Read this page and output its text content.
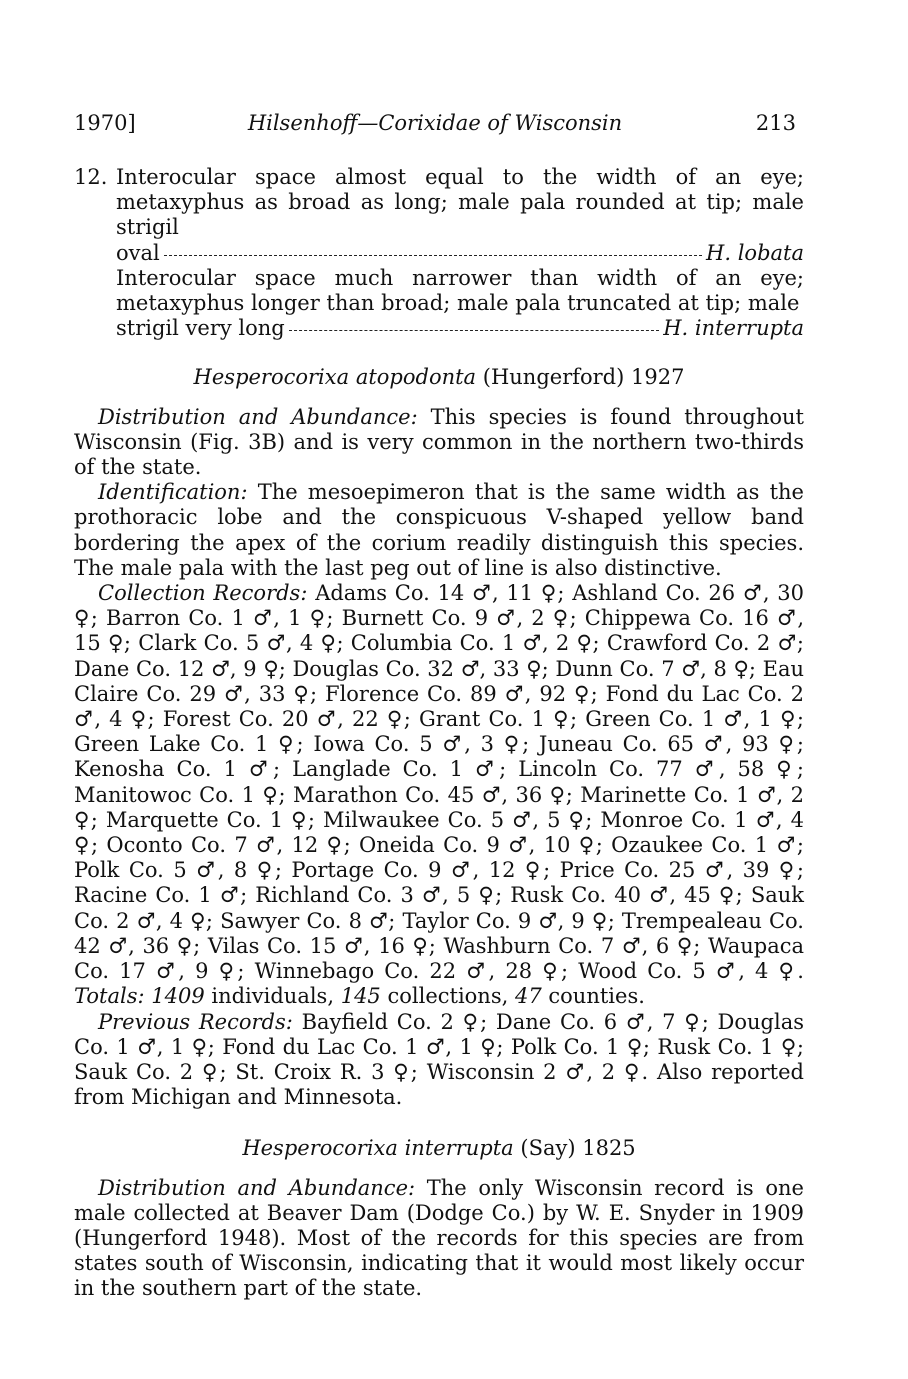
1970]	Hilsenhoff—Corixidae of Wisconsin	213
12. Interocular space almost equal to the width of an eye; metaxyphus as broad as long; male pala rounded at tip; male strigil
oval	H. lobata
Interocular space much narrower than width of an eye; metaxyphus longer than broad; male pala truncated at tip; male
strigil very long	H. interrupta
Hesperocorixa atopodonta (Hungerford) 1927

Distribution and Abundance: This species is found throughout Wisconsin (Fig. 3B) and is very common in the northern two-thirds of the state.

Identification: The mesoepimeron that is the same width as the prothoracic lobe and the conspicuous V-shaped yellow band bordering the apex of the corium readily distinguish this species. The male pala with the last peg out of line is also distinctive.

Collection Records: Adams Co. 14 ♂, 11 ♀; Ashland Co. 26 ♂, 30 ♀; Barron Co. 1 ♂, 1 ♀; Burnett Co. 9 ♂, 2 ♀; Chippewa Co. 16 ♂, 15 ♀; Clark Co. 5 ♂, 4 ♀; Columbia Co. 1 ♂, 2 ♀; Crawford Co. 2 ♂; Dane Co. 12 ♂, 9 ♀; Douglas Co. 32 ♂, 33 ♀; Dunn Co. 7 ♂, 8 ♀; Eau Claire Co. 29 ♂, 33 ♀; Florence Co. 89 ♂, 92 ♀; Fond du Lac Co. 2 ♂, 4 ♀; Forest Co. 20 ♂, 22 ♀; Grant Co. 1 ♀; Green Co. 1 ♂, 1 ♀; Green Lake Co. 1 ♀; Iowa Co. 5 ♂, 3 ♀; Juneau Co. 65 ♂, 93 ♀; Kenosha Co. 1 ♂; Langlade Co. 1 ♂; Lincoln Co. 77 ♂, 58 ♀; Manitowoc Co. 1 ♀; Marathon Co. 45 ♂, 36 ♀; Marinette Co. 1 ♂, 2 ♀; Marquette Co. 1 ♀; Milwaukee Co. 5 ♂, 5 ♀; Monroe Co. 1 ♂, 4 ♀; Oconto Co. 7 ♂, 12 ♀; Oneida Co. 9 ♂, 10 ♀; Ozaukee Co. 1 ♂; Polk Co. 5 ♂, 8 ♀; Portage Co. 9 ♂, 12 ♀; Price Co. 25 ♂, 39 ♀; Racine Co. 1 ♂; Richland Co. 3 ♂, 5 ♀; Rusk Co. 40 ♂, 45 ♀; Sauk Co. 2 ♂, 4 ♀; Sawyer Co. 8 ♂; Taylor Co. 9 ♂, 9 ♀; Trempealeau Co. 42 ♂, 36 ♀; Vilas Co. 15 ♂, 16 ♀; Washburn Co. 7 ♂, 6 ♀; Waupaca Co. 17 ♂, 9 ♀; Winnebago Co. 22 ♂, 28 ♀; Wood Co. 5 ♂, 4 ♀. Totals: 1409 individuals, 145 collections, 47 counties.

Previous Records: Bayfield Co. 2 ♀; Dane Co. 6 ♂, 7 ♀; Douglas Co. 1 ♂, 1 ♀; Fond du Lac Co. 1 ♂, 1 ♀; Polk Co. 1 ♀; Rusk Co. 1 ♀; Sauk Co. 2 ♀; St. Croix R. 3 ♀; Wisconsin 2 ♂, 2 ♀. Also reported from Michigan and Minnesota.

Hesperocorixa interrupta (Say) 1825

Distribution and Abundance: The only Wisconsin record is one male collected at Beaver Dam (Dodge Co.) by W. E. Snyder in 1909 (Hungerford 1948). Most of the records for this species are from states south of Wisconsin, indicating that it would most likely occur in the southern part of the state.
